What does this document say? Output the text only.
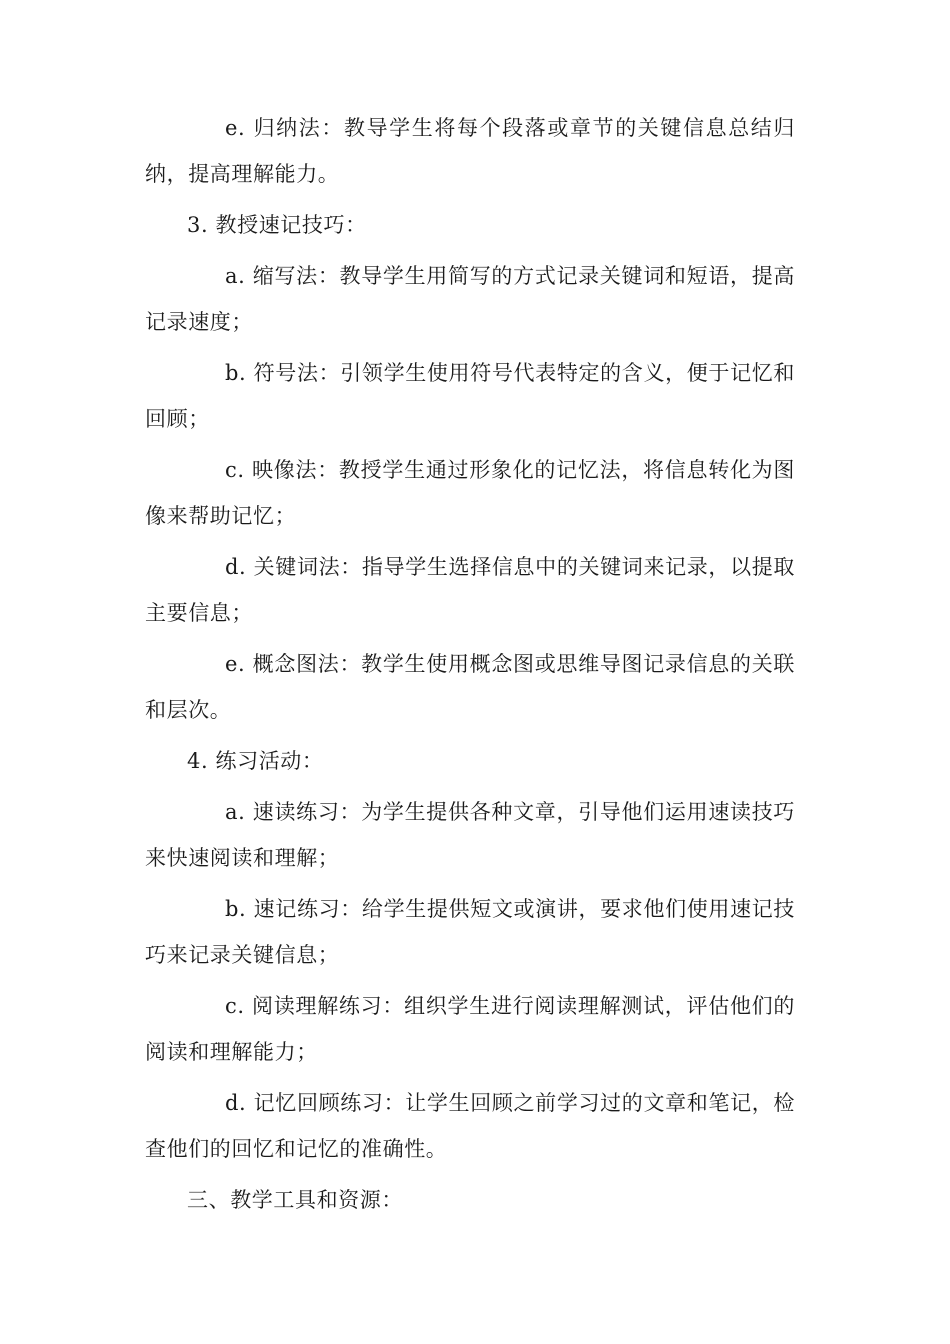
e. 归纳法：教导学生将每个段落或章节的关键信息总结归纳，提高理解能力。

3. 教授速记技巧：

a. 缩写法：教导学生用简写的方式记录关键词和短语，提高记录速度；

b. 符号法：引领学生使用符号代表特定的含义，便于记忆和回顾；

c. 映像法：教授学生通过形象化的记忆法，将信息转化为图像来帮助记忆；

d. 关键词法：指导学生选择信息中的关键词来记录，以提取主要信息；

e. 概念图法：教学生使用概念图或思维导图记录信息的关联和层次。

4. 练习活动：

a. 速读练习：为学生提供各种文章，引导他们运用速读技巧来快速阅读和理解；

b. 速记练习：给学生提供短文或演讲，要求他们使用速记技巧来记录关键信息；

c. 阅读理解练习：组织学生进行阅读理解测试，评估他们的阅读和理解能力；

d. 记忆回顾练习：让学生回顾之前学习过的文章和笔记，检查他们的回忆和记忆的准确性。

三、教学工具和资源：
